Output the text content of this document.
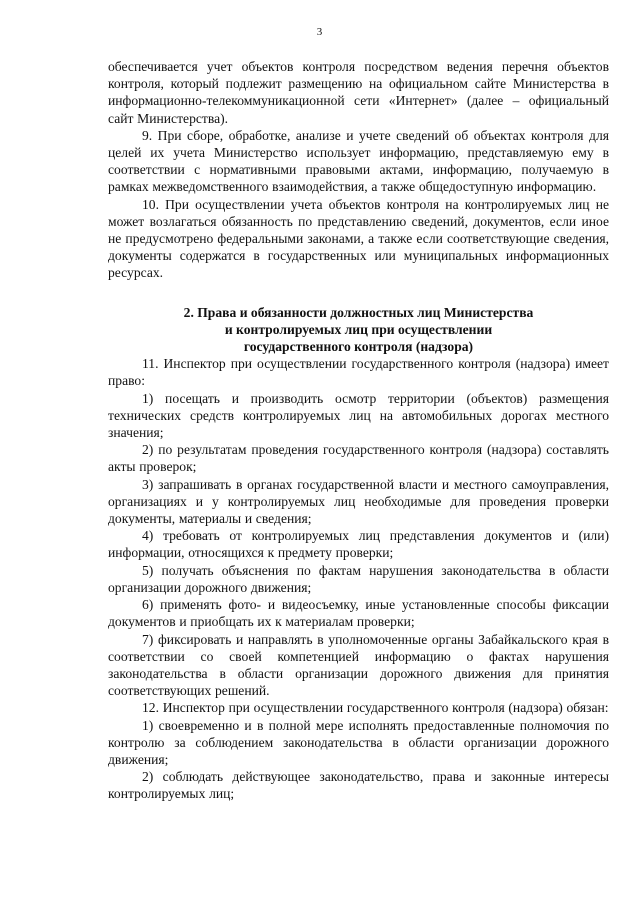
3

обеспечивается учет объектов контроля посредством ведения перечня объектов контроля, который подлежит размещению на официальном сайте Министерства в информационно-телекоммуникационной сети «Интернет» (далее – официальный сайт Министерства).

9. При сборе, обработке, анализе и учете сведений об объектах контроля для целей их учета Министерство использует информацию, представляемую ему в соответствии с нормативными правовыми актами, информацию, получаемую в рамках межведомственного взаимодействия, а также общедоступную информацию.

10. При осуществлении учета объектов контроля на контролируемых лиц не может возлагаться обязанность по представлению сведений, документов, если иное не предусмотрено федеральными законами, а также если соответствующие сведения, документы содержатся в государственных или муниципальных информационных ресурсах.

2. Права и обязанности должностных лиц Министерства
и контролируемых лиц при осуществлении
государственного контроля (надзора)

11. Инспектор при осуществлении государственного контроля (надзора) имеет право:

1) посещать и производить осмотр территории (объектов) размещения технических средств контролируемых лиц на автомобильных дорогах местного значения;

2) по результатам проведения государственного контроля (надзора) составлять акты проверок;

3) запрашивать в органах государственной власти и местного самоуправления, организациях и у контролируемых лиц необходимые для проведения проверки документы, материалы и сведения;

4) требовать от контролируемых лиц представления документов и (или) информации, относящихся к предмету проверки;

5) получать объяснения по фактам нарушения законодательства в области организации дорожного движения;

6) применять фото- и видеосъемку, иные установленные способы фиксации документов и приобщать их к материалам проверки;

7) фиксировать и направлять в уполномоченные органы Забайкальского края в соответствии со своей компетенцией информацию о фактах нарушения законодательства в области организации дорожного движения для принятия соответствующих решений.

12. Инспектор при осуществлении государственного контроля (надзора) обязан:

1) своевременно и в полной мере исполнять предоставленные полномочия по контролю за соблюдением законодательства в области организации дорожного движения;

2) соблюдать действующее законодательство, права и законные интересы контролируемых лиц;
